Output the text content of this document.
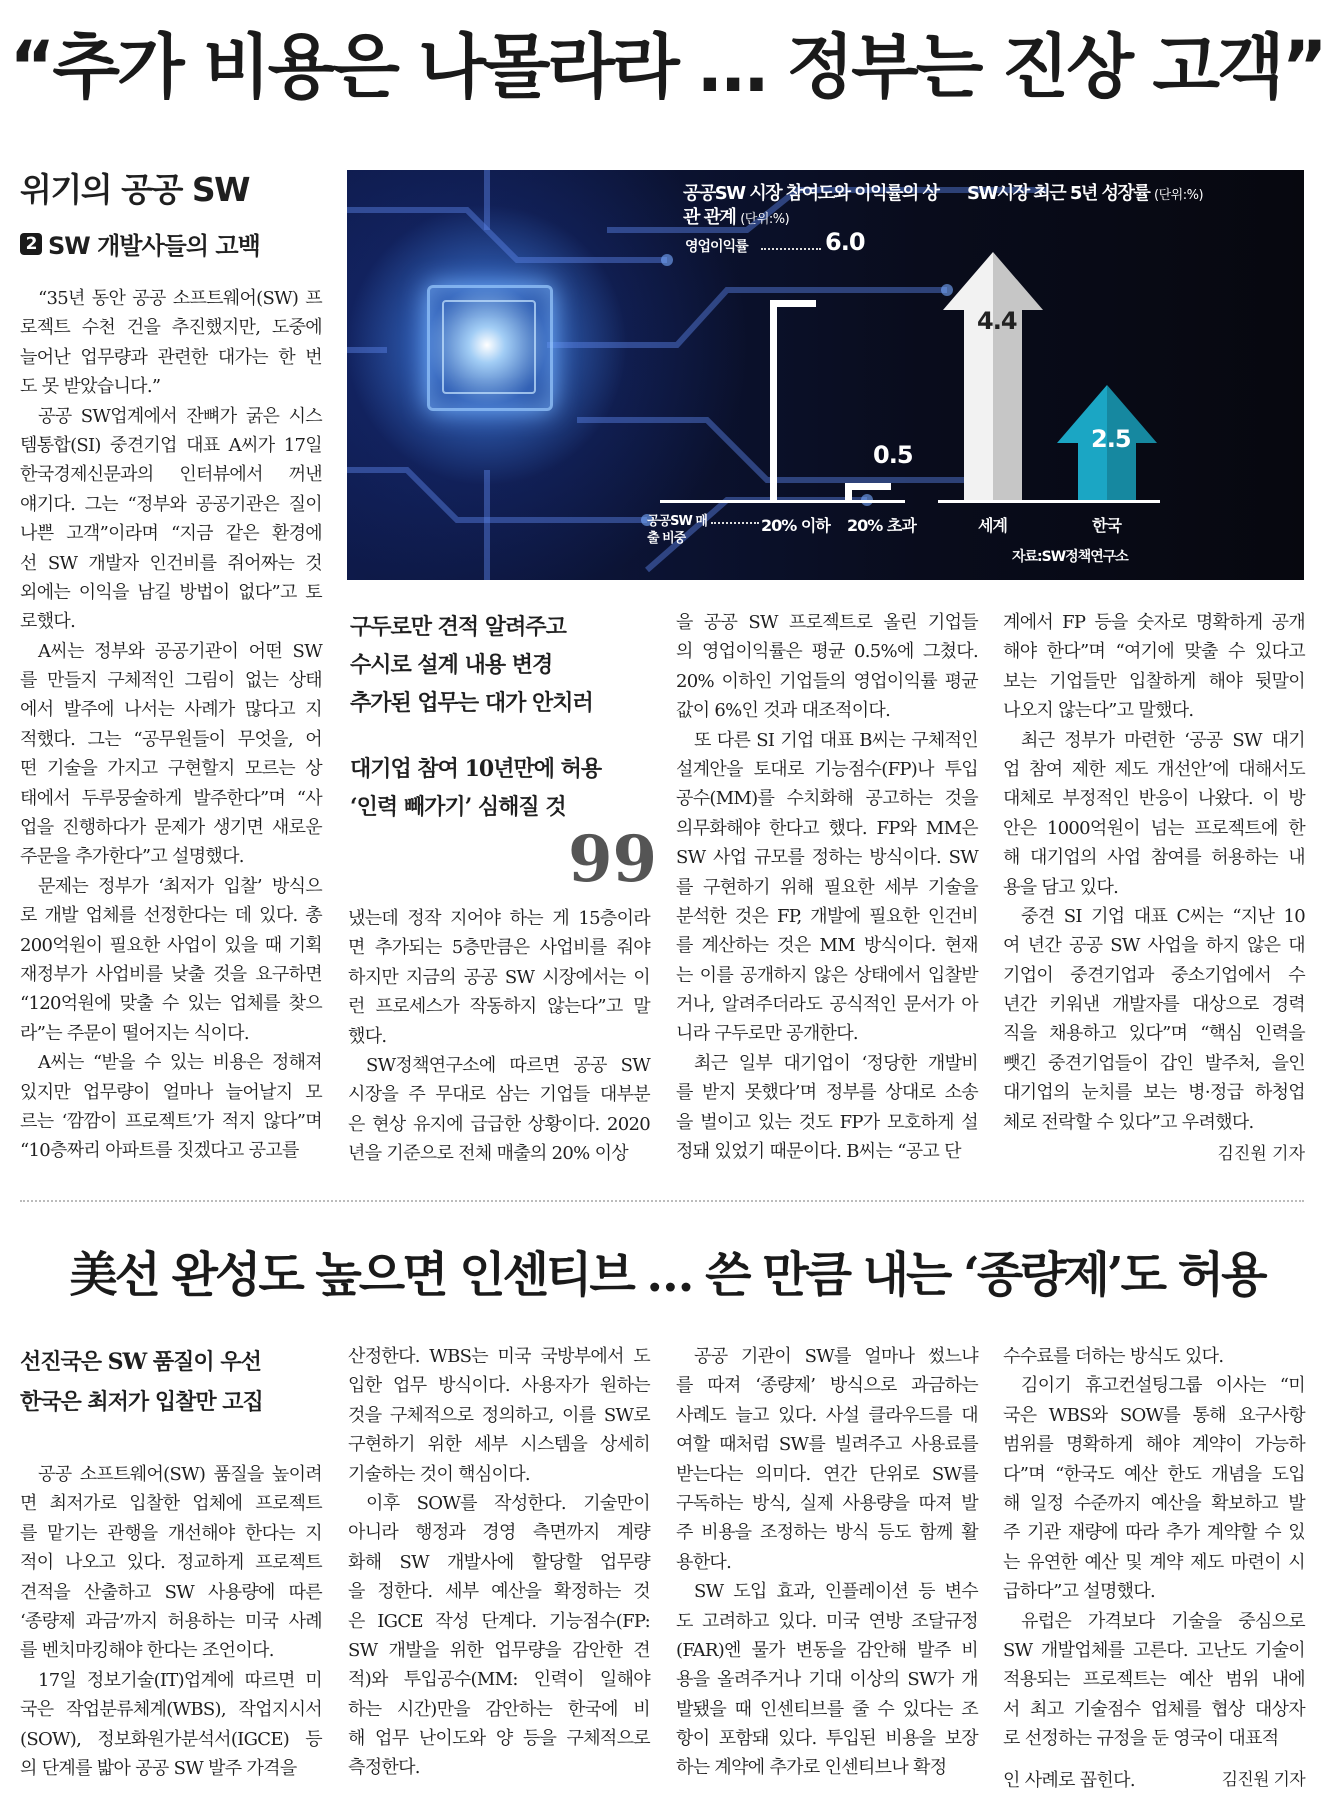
“추가 비용은 나몰라라 … 정부는 진상 고객”
위기의 공공 SW
2 SW 개발사들의 고백
“35년 동안 공공 소프트웨어(SW) 프
로젝트 수천 건을 추진했지만, 도중에
늘어난 업무량과 관련한 대가는 한 번
도 못 받았습니다.”
공공 SW업계에서 잔뼈가 굵은 시스
템통합(SI) 중견기업 대표 A씨가 17일
한국경제신문과의 인터뷰에서 꺼낸
얘기다. 그는 “정부와 공공기관은 질이
나쁜 고객”이라며 “지금 같은 환경에
선 SW 개발자 인건비를 쥐어짜는 것
외에는 이익을 남길 방법이 없다”고 토
로했다.
A씨는 정부와 공공기관이 어떤 SW
를 만들지 구체적인 그림이 없는 상태
에서 발주에 나서는 사례가 많다고 지
적했다. 그는 “공무원들이 무엇을, 어
떤 기술을 가지고 구현할지 모르는 상
태에서 두루뭉술하게 발주한다”며 “사
업을 진행하다가 문제가 생기면 새로운
주문을 추가한다”고 설명했다.
문제는 정부가 ‘최저가 입찰’ 방식으
로 개발 업체를 선정한다는 데 있다. 총
200억원이 필요한 사업이 있을 때 기획
재정부가 사업비를 낮출 것을 요구하면
“120억원에 맞출 수 있는 업체를 찾으
라”는 주문이 떨어지는 식이다.
A씨는 “받을 수 있는 비용은 정해져
있지만 업무량이 얼마나 늘어날지 모
르는 ‘깜깜이 프로젝트’가 적지 않다”며
“10층짜리 아파트를 짓겠다고 공고를
공공SW 시장 참여도와 이익률의 상관 관계 (단위:%)
영업이익률
공공SW 매출 비중
6.0
20% 이하
0.5
20% 초과
SW시장 최근 5년 성장률 (단위:%)
4.4
세계
2.5
한국
자료:SW정책연구소
구두로만 견적 알려주고
수시로 설계 내용 변경
추가된 업무는 대가 안치러
대기업 참여 10년만에 허용
‘인력 빼가기’ 심해질 것
99
냈는데 정작 지어야 하는 게 15층이라
면 추가되는 5층만큼은 사업비를 줘야
하지만 지금의 공공 SW 시장에서는 이
런 프로세스가 작동하지 않는다”고 말
했다.
SW정책연구소에 따르면 공공 SW
시장을 주 무대로 삼는 기업들 대부분
은 현상 유지에 급급한 상황이다. 2020
년을 기준으로 전체 매출의 20% 이상
을 공공 SW 프로젝트로 올린 기업들
의 영업이익률은 평균 0.5%에 그쳤다.
20% 이하인 기업들의 영업이익률 평균
값이 6%인 것과 대조적이다.
또 다른 SI 기업 대표 B씨는 구체적인
설계안을 토대로 기능점수(FP)나 투입
공수(MM)를 수치화해 공고하는 것을
의무화해야 한다고 했다. FP와 MM은
SW 사업 규모를 정하는 방식이다. SW
를 구현하기 위해 필요한 세부 기술을
분석한 것은 FP, 개발에 필요한 인건비
를 계산하는 것은 MM 방식이다. 현재
는 이를 공개하지 않은 상태에서 입찰받
거나, 알려주더라도 공식적인 문서가 아
니라 구두로만 공개한다.
최근 일부 대기업이 ‘정당한 개발비
를 받지 못했다’며 정부를 상대로 소송
을 벌이고 있는 것도 FP가 모호하게 설
정돼 있었기 때문이다. B씨는 “공고 단
계에서 FP 등을 숫자로 명확하게 공개
해야 한다”며 “여기에 맞출 수 있다고
보는 기업들만 입찰하게 해야 뒷말이
나오지 않는다”고 말했다.
최근 정부가 마련한 ‘공공 SW 대기
업 참여 제한 제도 개선안’에 대해서도
대체로 부정적인 반응이 나왔다. 이 방
안은 1000억원이 넘는 프로젝트에 한
해 대기업의 사업 참여를 허용하는 내
용을 담고 있다.
중견 SI 기업 대표 C씨는 “지난 10
여 년간 공공 SW 사업을 하지 않은 대
기업이 중견기업과 중소기업에서 수
년간 키워낸 개발자를 대상으로 경력
직을 채용하고 있다”며 “핵심 인력을
뺏긴 중견기업들이 갑인 발주처, 을인
대기업의 눈치를 보는 병·정급 하청업
체로 전락할 수 있다”고 우려했다.
김진원 기자
美선 완성도 높으면 인센티브 … 쓴 만큼 내는 ‘종량제’도 허용
선진국은 SW 품질이 우선
한국은 최저가 입찰만 고집
공공 소프트웨어(SW) 품질을 높이려
면 최저가로 입찰한 업체에 프로젝트
를 맡기는 관행을 개선해야 한다는 지
적이 나오고 있다. 정교하게 프로젝트
견적을 산출하고 SW 사용량에 따른
‘종량제 과금’까지 허용하는 미국 사례
를 벤치마킹해야 한다는 조언이다.
17일 정보기술(IT)업계에 따르면 미
국은 작업분류체계(WBS), 작업지시서
(SOW), 정보화원가분석서(IGCE) 등
의 단계를 밟아 공공 SW 발주 가격을
산정한다. WBS는 미국 국방부에서 도
입한 업무 방식이다. 사용자가 원하는
것을 구체적으로 정의하고, 이를 SW로
구현하기 위한 세부 시스템을 상세히
기술하는 것이 핵심이다.
이후 SOW를 작성한다. 기술만이
아니라 행정과 경영 측면까지 계량
화해 SW 개발사에 할당할 업무량
을 정한다. 세부 예산을 확정하는 것
은 IGCE 작성 단계다. 기능점수(FP:
SW 개발을 위한 업무량을 감안한 견
적)와 투입공수(MM: 인력이 일해야
하는 시간)만을 감안하는 한국에 비
해 업무 난이도와 양 등을 구체적으로
측정한다.
공공 기관이 SW를 얼마나 썼느냐
를 따져 ‘종량제’ 방식으로 과금하는
사례도 늘고 있다. 사설 클라우드를 대
여할 때처럼 SW를 빌려주고 사용료를
받는다는 의미다. 연간 단위로 SW를
구독하는 방식, 실제 사용량을 따져 발
주 비용을 조정하는 방식 등도 함께 활
용한다.
SW 도입 효과, 인플레이션 등 변수
도 고려하고 있다. 미국 연방 조달규정
(FAR)엔 물가 변동을 감안해 발주 비
용을 올려주거나 기대 이상의 SW가 개
발됐을 때 인센티브를 줄 수 있다는 조
항이 포함돼 있다. 투입된 비용을 보장
하는 계약에 추가로 인센티브나 확정
수수료를 더하는 방식도 있다.
김이기 휴고컨설팅그룹 이사는 “미
국은 WBS와 SOW를 통해 요구사항
범위를 명확하게 해야 계약이 가능하
다”며 “한국도 예산 한도 개념을 도입
해 일정 수준까지 예산을 확보하고 발
주 기관 재량에 따라 추가 계약할 수 있
는 유연한 예산 및 계약 제도 마련이 시
급하다”고 설명했다.
유럽은 가격보다 기술을 중심으로
SW 개발업체를 고른다. 고난도 기술이
적용되는 프로젝트는 예산 범위 내에
서 최고 기술점수 업체를 협상 대상자
로 선정하는 규정을 둔 영국이 대표적
인 사례로 꼽힌다.	김진원 기자
